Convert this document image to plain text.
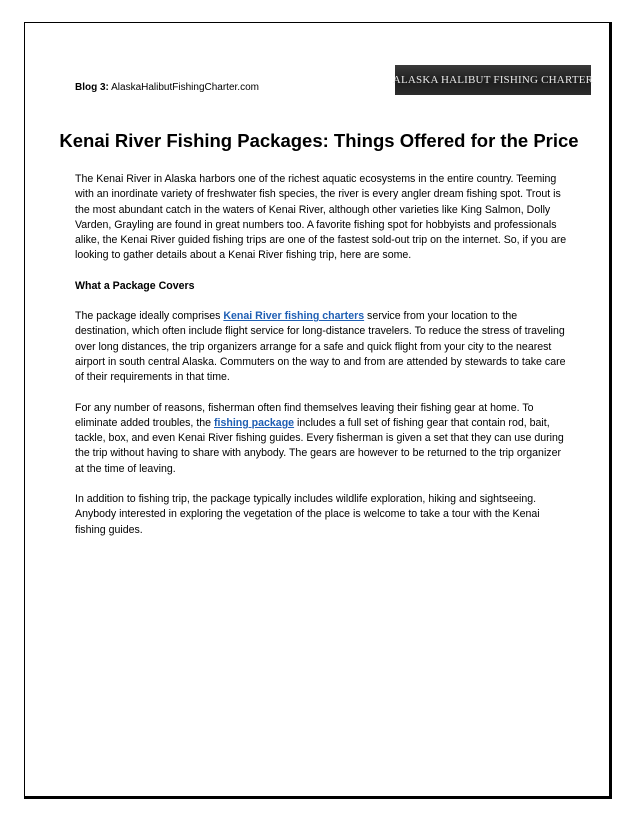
Blog 3: AlaskaHalibutFishingCharter.com
ALASKA HALIBUT FISHING CHARTER
Kenai River Fishing Packages: Things Offered for the Price

The Kenai River in Alaska harbors one of the richest aquatic ecosystems in the entire country. Teeming with an inordinate variety of freshwater fish species, the river is every angler dream fishing spot. Trout is the most abundant catch in the waters of Kenai River, although other varieties like King Salmon, Dolly Varden, Grayling are found in great numbers too. A favorite fishing spot for hobbyists and professionals alike, the Kenai River guided fishing trips are one of the fastest sold-out trip on the internet. So, if you are looking to gather details about a Kenai River fishing trip, here are some.

What a Package Covers

The package ideally comprises Kenai River fishing charters service from your location to the destination, which often include flight service for long-distance travelers. To reduce the stress of traveling over long distances, the trip organizers arrange for a safe and quick flight from your city to the nearest airport in south central Alaska. Commuters on the way to and from are attended by stewards to take care of their requirements in that time.

For any number of reasons, fisherman often find themselves leaving their fishing gear at home. To eliminate added troubles, the fishing package includes a full set of fishing gear that contain rod, bait, tackle, box, and even Kenai River fishing guides. Every fisherman is given a set that they can use during the trip without having to share with anybody. The gears are however to be returned to the trip organizer at the time of leaving.

In addition to fishing trip, the package typically includes wildlife exploration, hiking and sightseeing. Anybody interested in exploring the vegetation of the place is welcome to take a tour with the Kenai fishing guides.
